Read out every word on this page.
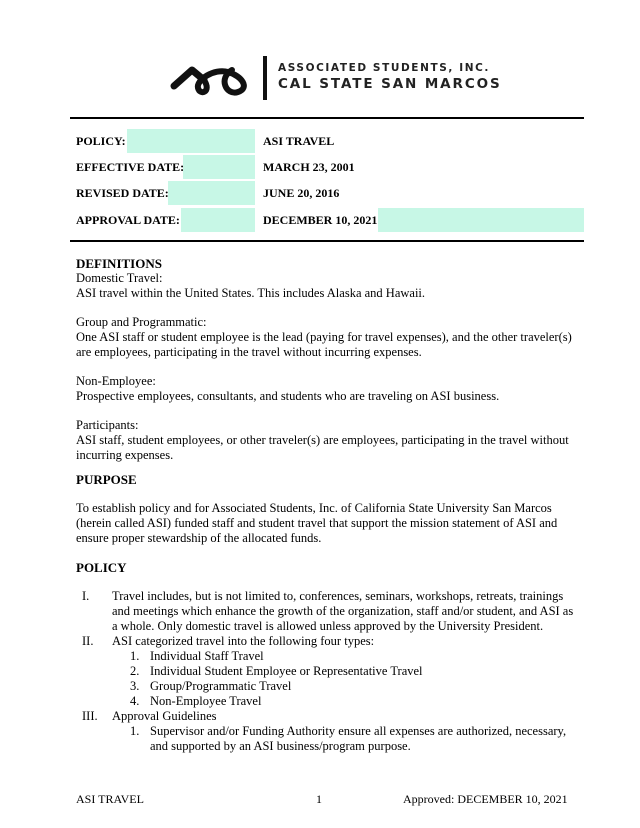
ASSOCIATED STUDENTS, INC.
CAL STATE SAN MARCOS
POLICY:	ASI TRAVEL
EFFECTIVE DATE:	MARCH 23, 2001
REVISED DATE:	JUNE 20, 2016
APPROVAL DATE:	DECEMBER 10, 2021

DEFINITIONS

Domestic Travel:

ASI travel within the United States. This includes Alaska and Hawaii.

Group and Programmatic:

One ASI staff or student employee is the lead (paying for travel expenses), and the other traveler(s) are employees, participating in the travel without incurring expenses.

Non-Employee:

Prospective employees, consultants, and students who are traveling on ASI business.

Participants:

ASI staff, student employees, or other traveler(s) are employees, participating in the travel without incurring expenses.

PURPOSE

To establish policy and for Associated Students, Inc. of California State University San Marcos (herein called ASI) funded staff and student travel that support the mission statement of ASI and ensure proper stewardship of the allocated funds.

POLICY

I.	Travel includes, but is not limited to, conferences, seminars, workshops, retreats, trainings and meetings which enhance the growth of the organization, staff and/or student, and ASI as a whole. Only domestic travel is allowed unless approved by the University President.
II.	ASI categorized travel into the following four types:
1. Individual Staff Travel
2. Individual Student Employee or Representative Travel
3. Group/Programmatic Travel
4. Non-Employee Travel
III.	Approval Guidelines
1. Supervisor and/or Funding Authority ensure all expenses are authorized, necessary, and supported by an ASI business/program purpose.
ASI TRAVEL	1	Approved: DECEMBER 10, 2021
